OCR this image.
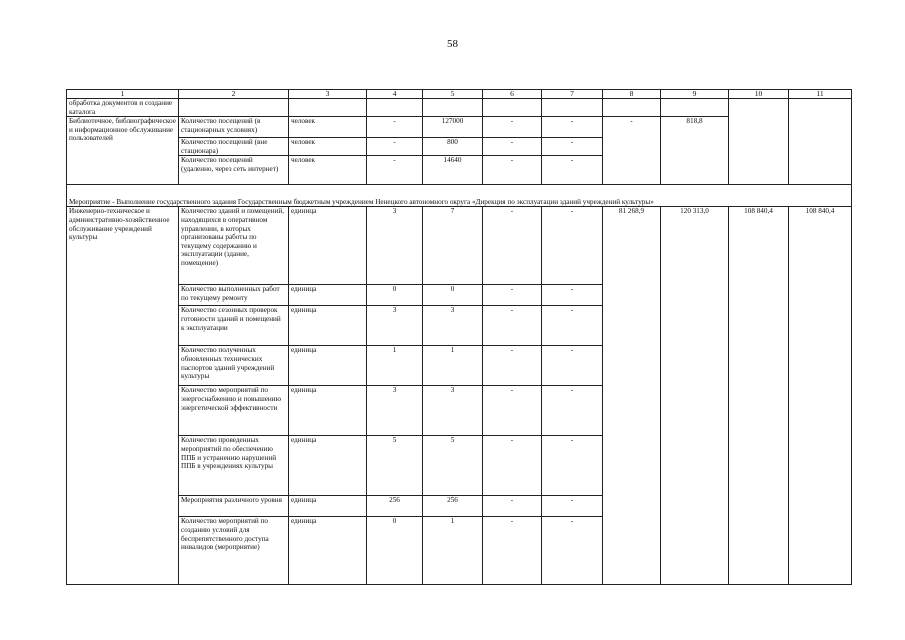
58
1	2	3	4	5	6	7	8	9	10	11
обработка документов и создание каталога										
Библиотечное, библиографическое и информационное обслуживание пользователей	Количество посещений (в стационарных условиях)	человек	-	127000	-	-	-	818,8		
	Количество посещений (вне стационара)	человек	-	800	-	-				
	Количество посещений (удаленно, через сеть интернет)	человек	-	14640	-	-				
Мероприятие - Выполнение государственного задания Государственным бюджетным учреждением Ненецкого автономного округа «Дирекция по эксплуатации зданий учреждений культуры»										
Инженерно-техническое и административно-хозяйственное обслуживание учреждений культуры	Количество зданий и помещений, находящихся в оперативном управлении, в которых организованы работы по текущему содержанию и эксплуатации (здание, помещение)	единица	3	7	-	-	81 268,9	120 313,0	108 840,4	108 840,4
	Количество выполненных работ по текущему ремонту	единица	0	0	-	-				
	Количество сезонных проверок готовности зданий и помещений к эксплуатации	единица	3	3	-	-				
	Количество полученных обновленных технических паспортов зданий учреждений культуры	единица	1	1	-	-				
	Количество мероприятий по энергоснабжению и повышению энергетической эффективности	единица	3	3	-	-				
	Количество проведенных мероприятий по обеспечению ППБ и устранению нарушений ППБ в учреждениях культуры	единица	5	5	-	-				
	Мероприятия различного уровня	единица	256	256	-	-				
	Количество мероприятий по созданию условий для беспрепятственного доступа инвалидов (мероприятие)	единица	0	1	-	-				
